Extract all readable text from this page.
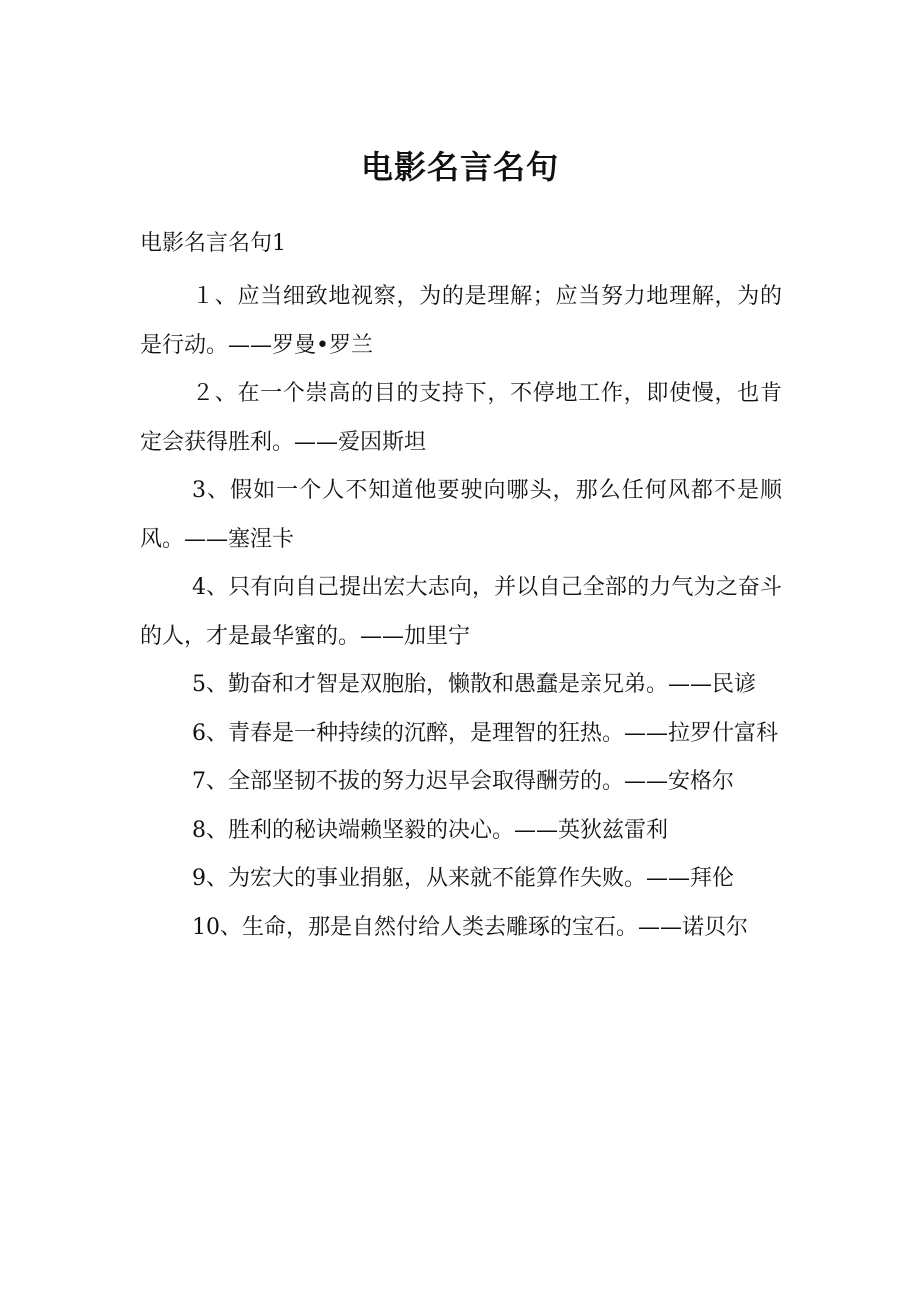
电影名言名句
电影名言名句1
１、应当细致地视察，为的是理解；应当努力地理解，为的是行动。——罗曼•罗兰
２、在一个崇高的目的支持下，不停地工作，即使慢，也肯定会获得胜利。——爱因斯坦
3、假如一个人不知道他要驶向哪头，那么任何风都不是顺风。——塞涅卡
4、只有向自己提出宏大志向，并以自己全部的力气为之奋斗的人，才是最华蜜的。——加里宁
5、勤奋和才智是双胞胎，懒散和愚蠢是亲兄弟。——民谚
6、青春是一种持续的沉醉，是理智的狂热。——拉罗什富科
7、全部坚韧不拔的努力迟早会取得酬劳的。——安格尔
8、胜利的秘诀端赖坚毅的决心。——英狄兹雷利
9、为宏大的事业捐躯，从来就不能算作失败。——拜伦
10、生命，那是自然付给人类去雕琢的宝石。——诺贝尔
